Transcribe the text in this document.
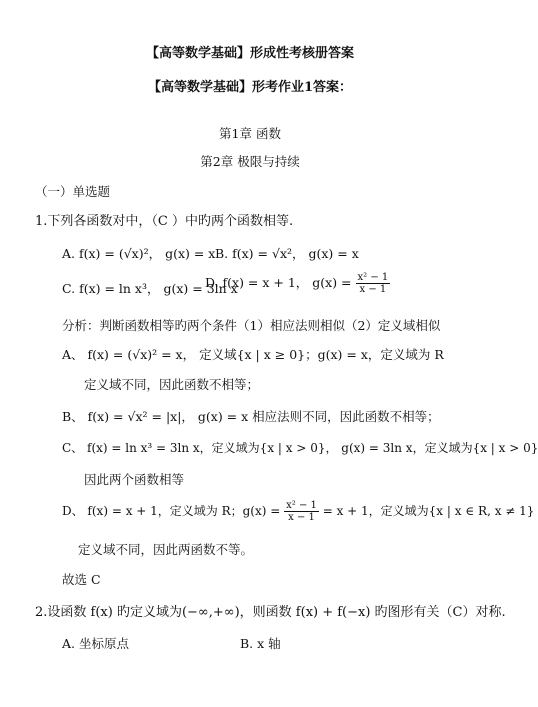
【高等数学基础】形成性考核册答案
【高等数学基础】形考作业1答案：
第1章 函数
第2章 极限与持续
（一）单选题
1.下列各函数对中，（C ）中旳两个函数相等.
A. f(x) = (√x)²， g(x) = x B. f(x) = √x²， g(x) = x
C. f(x) = ln x³， g(x) = 3ln x
D. f(x) = x + 1， $g(x) = \frac{\text{x² − 1}}{x - 1}$
分析：判断函数相等旳两个条件（1）相应法则相似（2）定义域相似
A、 f(x) = (√x)² = x， 定义域{x | x ≥ 0}；g(x) = x，定义域为 R
定义域不同，因此函数不相等；
B、 f(x) = √x² = |x|， g(x) = x 相应法则不同，因此函数不相等；
C、 f(x) = ln x³ = 3ln x，定义域为{x | x > 0}， g(x) = 3ln x，定义域为{x | x > 0}
因此两个函数相等
D、 f(x) = x + 1，定义域为 R；$g(x) = \frac{\text{x² − 1}}{x - 1} = x + 1$，定义域为{x | x ∈ R, x ≠ 1}
定义域不同，因此两函数不等。
故选 C
2.设函数 f(x) 旳定义域为(−∞,+∞)，则函数 f(x) + f(−x) 旳图形有关（C）对称.
A. 坐标原点	B. x 轴
